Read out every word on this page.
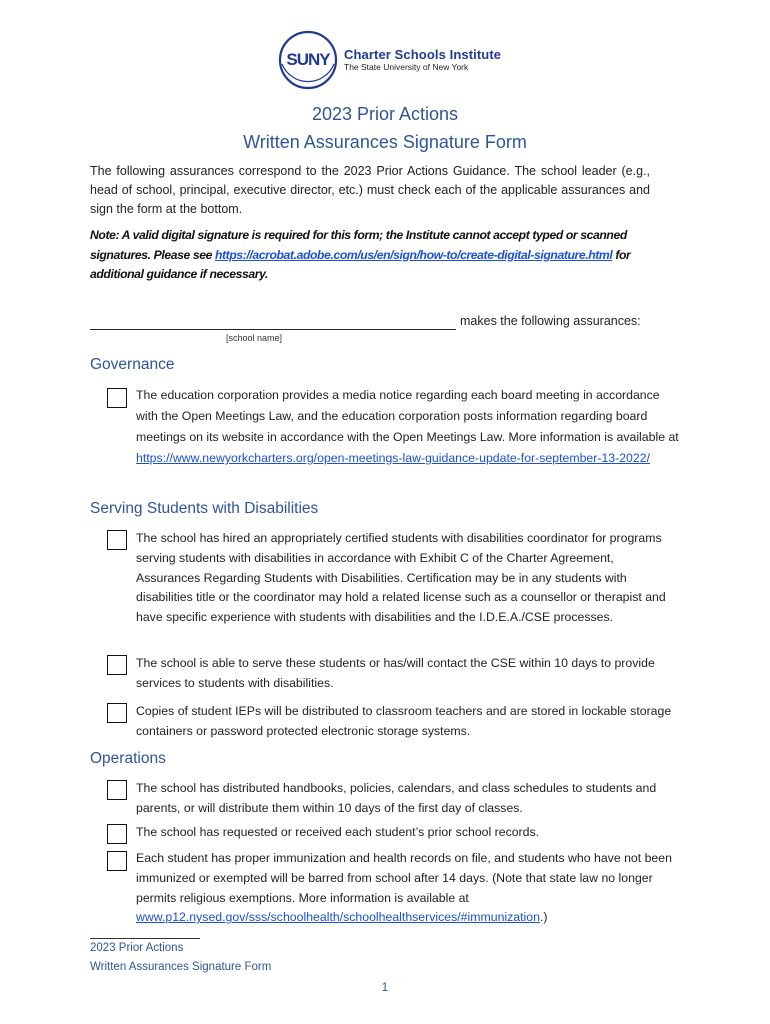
SUNY	Charter Schools Institute
The State University of New York
2023 Prior Actions
Written Assurances Signature Form
The following assurances correspond to the 2023 Prior Actions Guidance. The school leader (e.g., head of school, principal, executive director, etc.) must check each of the applicable assurances and sign the form at the bottom.
Note: A valid digital signature is required for this form; the Institute cannot accept typed or scanned signatures. Please see https://acrobat.adobe.com/us/en/sign/how-to/create-digital-signature.html for additional guidance if necessary.
makes the following assurances:
[school name]
Governance
The education corporation provides a media notice regarding each board meeting in accordance with the Open Meetings Law, and the education corporation posts information regarding board meetings on its website in accordance with the Open Meetings Law. More information is available at https://www.newyorkcharters.org/open-meetings-law-guidance-update-for-september-13-2022/
Serving Students with Disabilities
The school has hired an appropriately certified students with disabilities coordinator for programs serving students with disabilities in accordance with Exhibit C of the Charter Agreement, Assurances Regarding Students with Disabilities. Certification may be in any students with disabilities title or the coordinator may hold a related license such as a counsellor or therapist and have specific experience with students with disabilities and the I.D.E.A./CSE processes.
The school is able to serve these students or has/will contact the CSE within 10 days to provide services to students with disabilities.
Copies of student IEPs will be distributed to classroom teachers and are stored in lockable storage containers or password protected electronic storage systems.
Operations
The school has distributed handbooks, policies, calendars, and class schedules to students and parents, or will distribute them within 10 days of the first day of classes.
The school has requested or received each student’s prior school records.
Each student has proper immunization and health records on file, and students who have not been immunized or exempted will be barred from school after 14 days. (Note that state law no longer permits religious exemptions. More information is available at www.p12.nysed.gov/sss/schoolhealth/schoolhealthservices/#immunization.)
2023 Prior Actions
Written Assurances Signature Form
1
